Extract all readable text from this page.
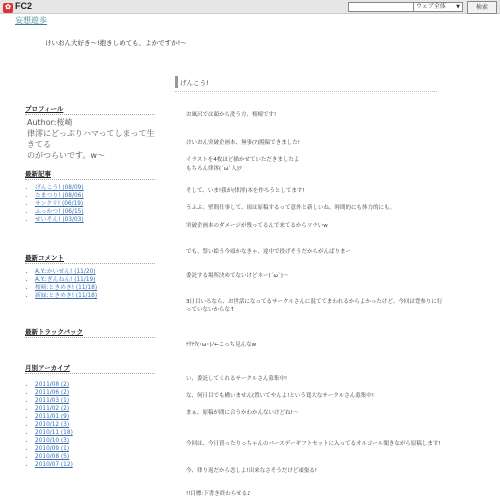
✿ FC2	ウェブ全体 ▼	検索
妄想遊歩
けいおん大好き～!抱きしめても、よかですか!～
プロフィール
Author:桜崎
律澪にどっぷりハマってしまって生きてる
のがつらいです。w～
最新記事
• げんこう! (08/09)
• たまつり! (08/06)
• サンクリ! (06/19)
• ふっかつ! (06/15)
• せいそん! (03/03)
最新コメント
• A.Y.:かいせん! (11/20)
• A.Y.:ぎんねん! (11/19)
• 桜崎:ときめき! (11/18)
• 新緑:ときめき! (11/18)
最新トラックバック
月別アーカイブ
• 2011/08 (2)
• 2011/06 (2)
• 2011/03 (1)
• 2011/02 (2)
• 2011/01 (9)
• 2010/12 (3)
• 2010/11 (18)
• 2010/10 (3)
• 2010/09 (1)
• 2010/08 (5)
• 2010/07 (12)
げんこう!
お風呂では顔から洗う方、桜崎です!
けいおん突破企画本、無事(?)脱稿できました!
イラストを4枚ほど描かせていただきましたよ
もちろん律澪(´ω`人)ﾂ
そして、いま!我が(律澪)本を作ろうとしてます!
うふふ。壁間仕事して、頃は原稿するって意外と新しいね。時間的にも体力的にも。
突破企画本のダメージが残ってるんで来てるからツラいw
でも、祭い絵う今頑かなきゃ、途中で投げそうだからがんばりまー
委託する場所決めてないけどネー(´ω`)～
3日目いろなら、お世話になってるサークルさんに混ててまわれるからよかったけど、今回は豊参りに行っていないからな↑
ﾃｸﾃｸ(･ω･)ﾉ←こっち見んなw
い、委託してくれるサークルさん募集中!
な、何日目でも構いません(置いてやんよ!という寛大なサークルさん募集中!
まぁ、原稿が間に合うかわかんないけどね!～
今回は、今日買ったりっちゃんのバースデーギフトセットに入ってるオルゴール聞きながら原稿します!
今、律り返だから恋しよ!出来なさそうだけど頑張る!
!!目標:下書き終わらせる♪
